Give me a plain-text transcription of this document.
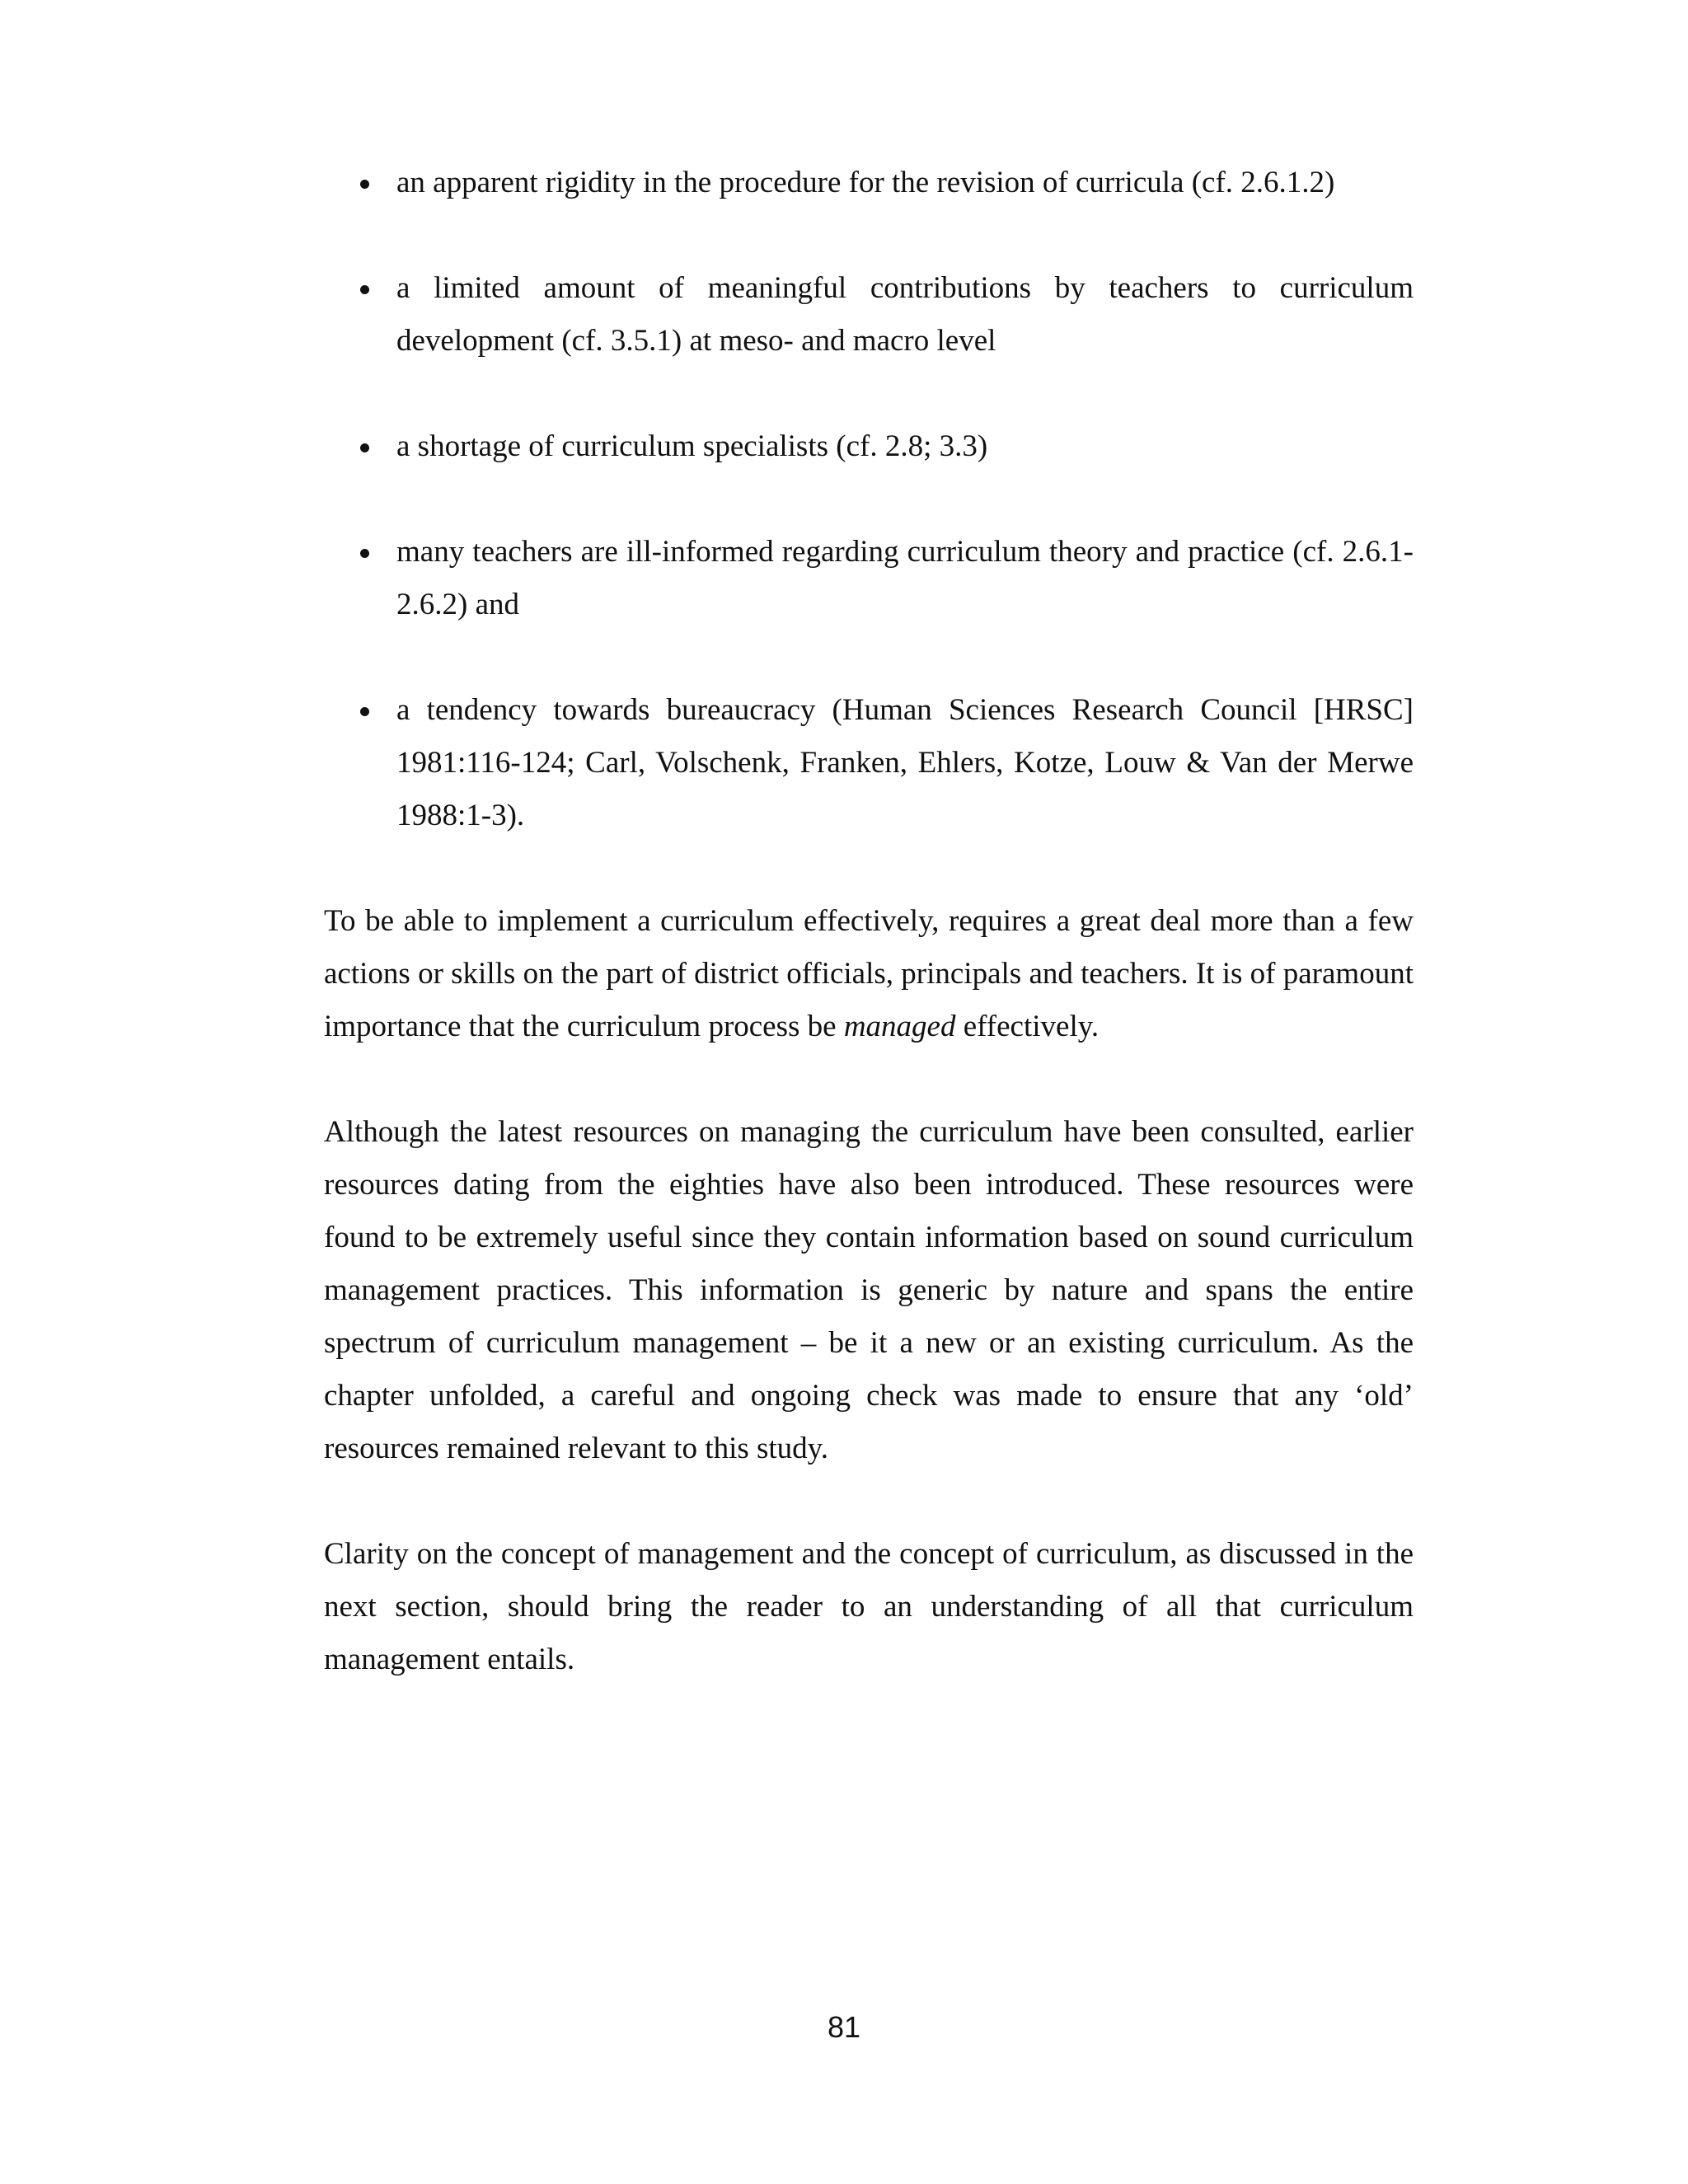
an apparent rigidity in the procedure for the revision of curricula (cf. 2.6.1.2)
a limited amount of meaningful contributions by teachers to curriculum development (cf. 3.5.1) at meso- and macro level
a shortage of curriculum specialists (cf. 2.8; 3.3)
many teachers are ill-informed regarding curriculum theory and practice (cf. 2.6.1- 2.6.2) and
a tendency towards bureaucracy (Human Sciences Research Council [HRSC] 1981:116-124; Carl, Volschenk, Franken, Ehlers, Kotze, Louw & Van der Merwe 1988:1-3).

To be able to implement a curriculum effectively, requires a great deal more than a few actions or skills on the part of district officials, principals and teachers. It is of paramount importance that the curriculum process be managed effectively.

Although the latest resources on managing the curriculum have been consulted, earlier resources dating from the eighties have also been introduced. These resources were found to be extremely useful since they contain information based on sound curriculum management practices. This information is generic by nature and spans the entire spectrum of curriculum management – be it a new or an existing curriculum. As the chapter unfolded, a careful and ongoing check was made to ensure that any ‘old’ resources remained relevant to this study.

Clarity on the concept of management and the concept of curriculum, as discussed in the next section, should bring the reader to an understanding of all that curriculum management entails.

81
